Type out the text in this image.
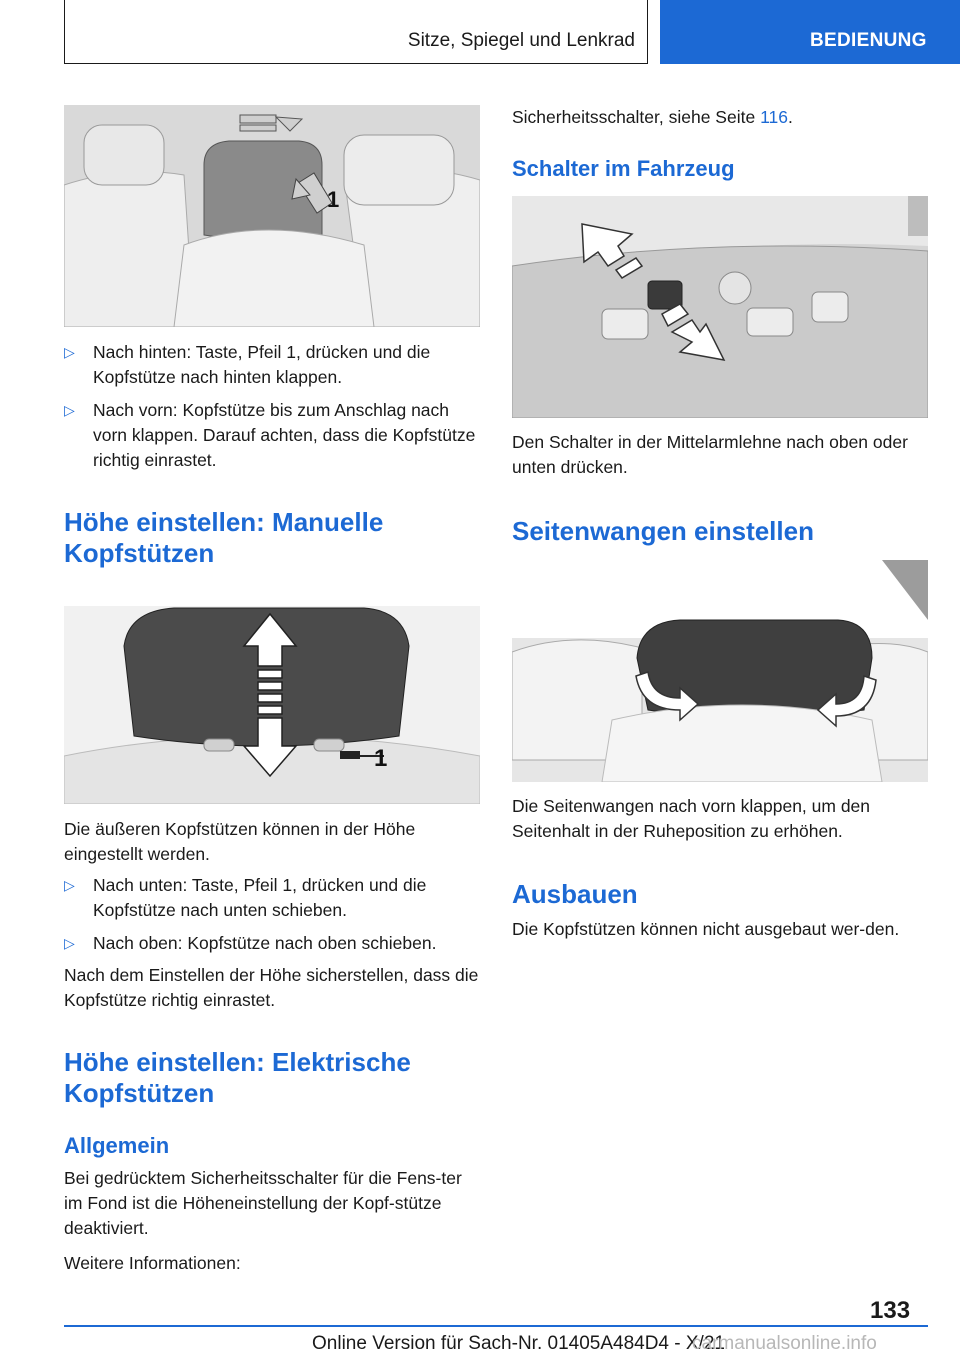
Sitze, Spiegel und Lenkrad	BEDIENUNG
1
▷ Nach hinten: Taste, Pfeil 1, drücken und die Kopfstütze nach hinten klappen.
▷ Nach vorn: Kopfstütze bis zum Anschlag nach vorn klappen. Darauf achten, dass die Kopfstütze richtig einrastet.
Höhe einstellen: Manuelle
Kopfstützen
1

Die äußeren Kopfstützen können in der Höhe eingestellt werden.

▷ Nach unten: Taste, Pfeil 1, drücken und die Kopfstütze nach unten schieben.
▷ Nach oben: Kopfstütze nach oben schieben.

Nach dem Einstellen der Höhe sicherstellen, dass die Kopfstütze richtig einrastet.

Höhe einstellen: Elektrische
Kopfstützen
Allgemein

Bei gedrücktem Sicherheitsschalter für die Fens-ter im Fond ist die Höheneinstellung der Kopf-stütze deaktiviert.

Weitere Informationen:

Sicherheitsschalter, siehe Seite 116.

Schalter im Fahrzeug

Den Schalter in der Mittelarmlehne nach oben oder unten drücken.

Seitenwangen einstellen

Die Seitenwangen nach vorn klappen, um den Seitenhalt in der Ruheposition zu erhöhen.

Ausbauen

Die Kopfstützen können nicht ausgebaut wer-den.

133
Online Version für Sach-Nr. 01405A484D4 - X/21
carmanualsonline.info
